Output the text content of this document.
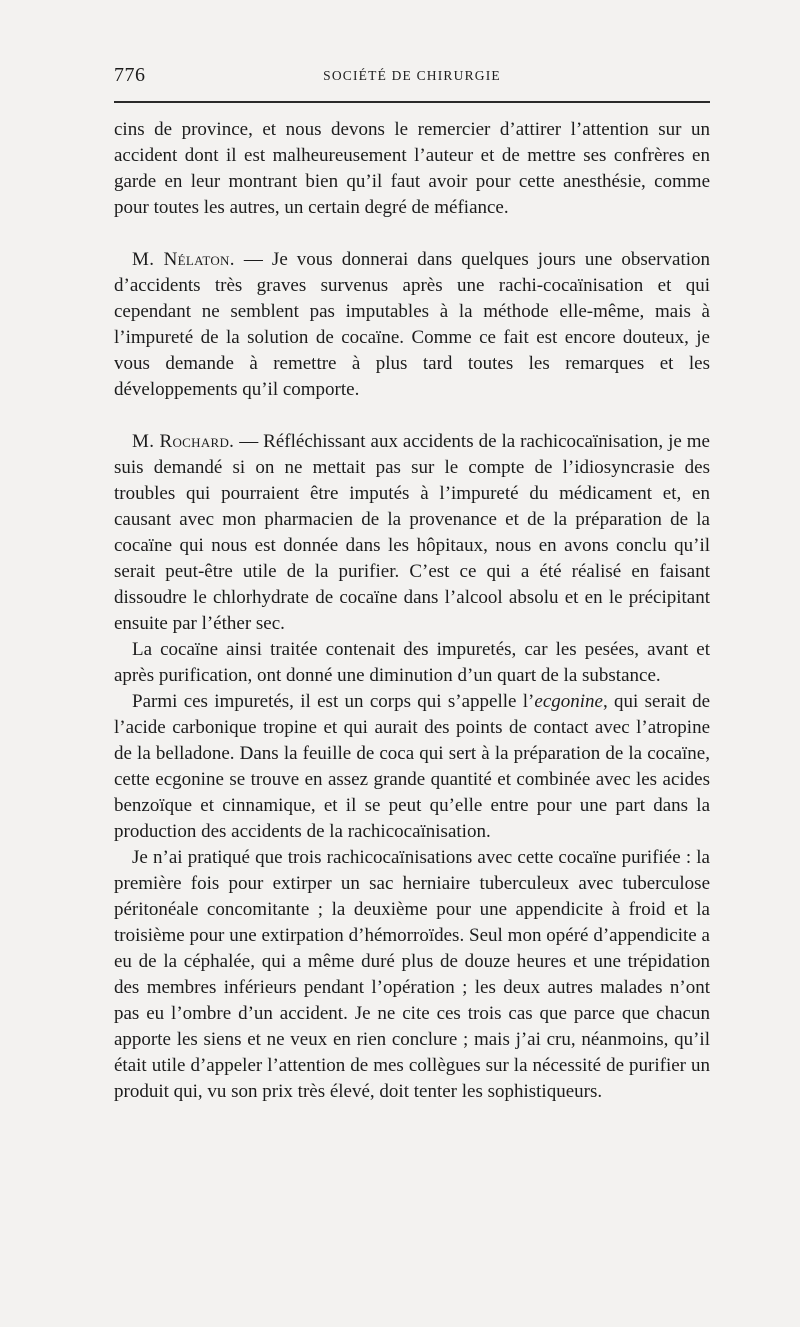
776	SOCIÉTÉ DE CHIRURGIE

cins de province, et nous devons le remercier d’attirer l’attention sur un accident dont il est malheureusement l’auteur et de mettre ses confrères en garde en leur montrant bien qu’il faut avoir pour cette anesthésie, comme pour toutes les autres, un certain degré de méfiance.

M. Nélaton. — Je vous donnerai dans quelques jours une observation d’accidents très graves survenus après une rachi-cocaïnisation et qui cependant ne semblent pas imputables à la méthode elle-même, mais à l’impureté de la solution de cocaïne. Comme ce fait est encore douteux, je vous demande à remettre à plus tard toutes les remarques et les développements qu’il comporte.

M. Rochard. — Réfléchissant aux accidents de la rachicocaïnisation, je me suis demandé si on ne mettait pas sur le compte de l’idiosyncrasie des troubles qui pourraient être imputés à l’impureté du médicament et, en causant avec mon pharmacien de la provenance et de la préparation de la cocaïne qui nous est donnée dans les hôpitaux, nous en avons conclu qu’il serait peut-être utile de la purifier. C’est ce qui a été réalisé en faisant dissoudre le chlorhydrate de cocaïne dans l’alcool absolu et en le précipitant ensuite par l’éther sec.

La cocaïne ainsi traitée contenait des impuretés, car les pesées, avant et après purification, ont donné une diminution d’un quart de la substance.

Parmi ces impuretés, il est un corps qui s’appelle l’ecgonine, qui serait de l’acide carbonique tropine et qui aurait des points de contact avec l’atropine de la belladone. Dans la feuille de coca qui sert à la préparation de la cocaïne, cette ecgonine se trouve en assez grande quantité et combinée avec les acides benzoïque et cinnamique, et il se peut qu’elle entre pour une part dans la production des accidents de la rachicocaïnisation.

Je n’ai pratiqué que trois rachicocaïnisations avec cette cocaïne purifiée : la première fois pour extirper un sac herniaire tuberculeux avec tuberculose péritonéale concomitante ; la deuxième pour une appendicite à froid et la troisième pour une extirpation d’hémorroïdes. Seul mon opéré d’appendicite a eu de la céphalée, qui a même duré plus de douze heures et une trépidation des membres inférieurs pendant l’opération ; les deux autres malades n’ont pas eu l’ombre d’un accident. Je ne cite ces trois cas que parce que chacun apporte les siens et ne veux en rien conclure ; mais j’ai cru, néanmoins, qu’il était utile d’appeler l’attention de mes collègues sur la nécessité de purifier un produit qui, vu son prix très élevé, doit tenter les sophistiqueurs.
